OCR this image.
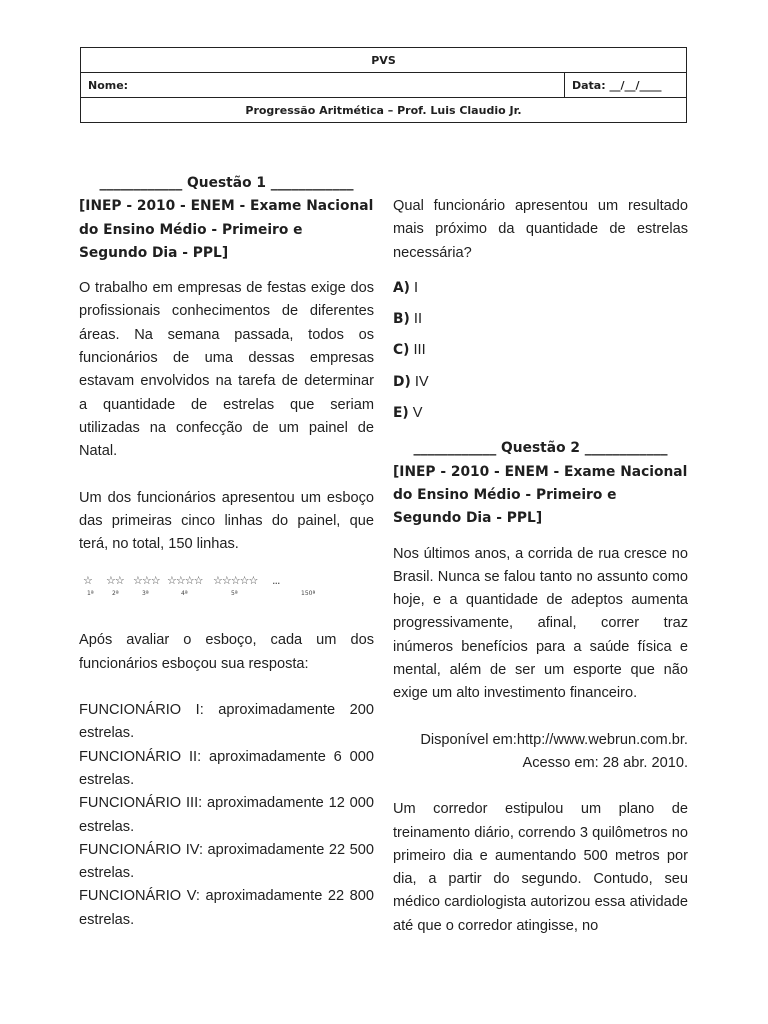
PVS
Nome:	Data: __/__/____
Progressão Aritmética – Prof. Luis Claudio Jr.
____________ Questão 1 ____________
[INEP - 2010 - ENEM - Exame Nacional do Ensino Médio - Primeiro e Segundo Dia - PPL]

O trabalho em empresas de festas exige dos profissionais conhecimentos de diferentes áreas. Na semana passada, todos os funcionários de uma dessas empresas estavam envolvidos na tarefa de determinar a quantidade de estrelas que seriam utilizadas na confecção de um painel de Natal.

Um dos funcionários apresentou um esboço das primeiras cinco linhas do painel, que terá, no total, 150 linhas.

☆ ☆☆ ☆☆☆ ☆☆☆☆ ☆☆☆☆☆ ...
1ª	2ª	3ª	4ª	5ª	150ª

Após avaliar o esboço, cada um dos funcionários esboçou sua resposta:

FUNCIONÁRIO I: aproximadamente 200 estrelas.

FUNCIONÁRIO II: aproximadamente 6 000 estrelas.

FUNCIONÁRIO III: aproximadamente 12 000 estrelas.

FUNCIONÁRIO IV: aproximadamente 22 500 estrelas.

FUNCIONÁRIO V: aproximadamente 22 800 estrelas.

Qual funcionário apresentou um resultado mais próximo da quantidade de estrelas necessária?

A) I
B) II
C) III
D) IV
E) V
____________ Questão 2 ____________
[INEP - 2010 - ENEM - Exame Nacional do Ensino Médio - Primeiro e Segundo Dia - PPL]

Nos últimos anos, a corrida de rua cresce no Brasil. Nunca se falou tanto no assunto como hoje, e a quantidade de adeptos aumenta progressivamente, afinal, correr traz inúmeros benefícios para a saúde física e mental, além de ser um esporte que não exige um alto investimento financeiro.

Disponível em:http://www.webrun.com.br.
Acesso em: 28 abr. 2010.

Um corredor estipulou um plano de treinamento diário, correndo 3 quilômetros no primeiro dia e aumentando 500 metros por dia, a partir do segundo. Contudo, seu médico cardiologista autorizou essa atividade até que o corredor atingisse, no
